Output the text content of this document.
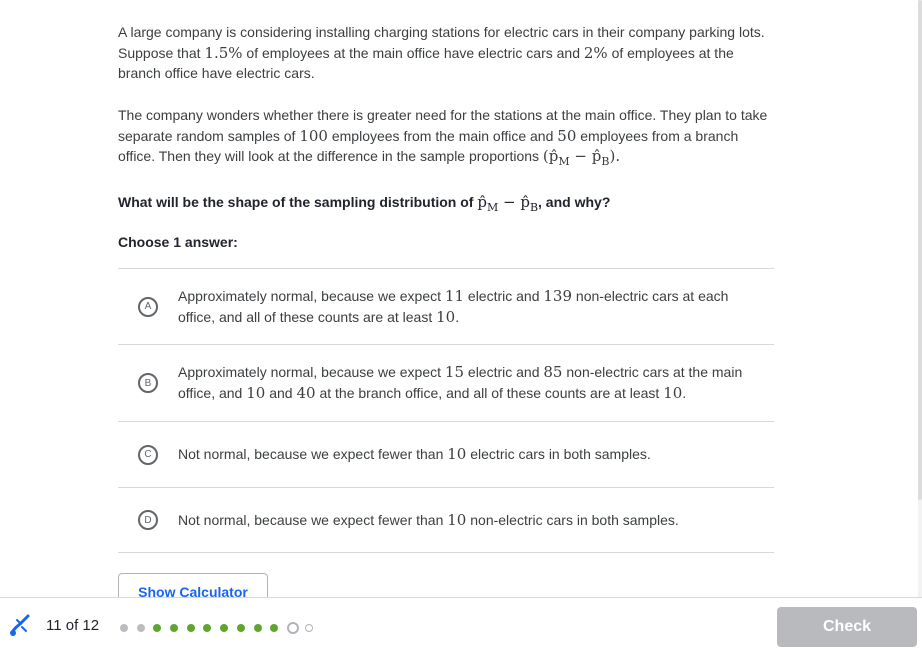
A large company is considering installing charging stations for electric cars in their company parking lots. Suppose that 1.5% of employees at the main office have electric cars and 2% of employees at the branch office have electric cars.

The company wonders whether there is greater need for the stations at the main office. They plan to take separate random samples of 100 employees from the main office and 50 employees from a branch office. Then they will look at the difference in the sample proportions ($p̂_M$ − $p̂_B$).

What will be the shape of the sampling distribution of $p̂_M$ − $p̂_B$, and why?

Choose 1 answer:

A
Approximately normal, because we expect 11 electric and 139 non-electric cars at each office, and all of these counts are at least 10.
B
Approximately normal, because we expect 15 electric and 85 non-electric cars at the main office, and 10 and 40 at the branch office, and all of these counts are at least 10.
C	Not normal, because we expect fewer than 10 electric cars in both samples.
D	Not normal, because we expect fewer than 10 non-electric cars in both samples.
Show Calculator
11 of 12	Check
